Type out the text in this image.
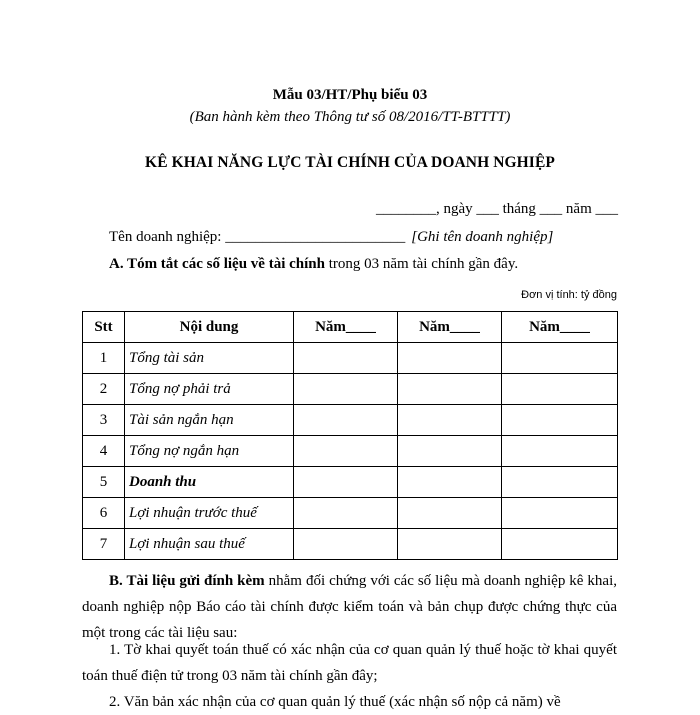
Mẫu 03/HT/Phụ biểu 03
(Ban hành kèm theo Thông tư số 08/2016/TT-BTTTT)
KÊ KHAI NĂNG LỰC TÀI CHÍNH CỦA DOANH NGHIỆP
________, ngày ___ tháng ___ năm ___
Tên doanh nghiệp: ________________________ [Ghi tên doanh nghiệp]
A. Tóm tắt các số liệu về tài chính trong 03 năm tài chính gần đây.
Đơn vị tính: tỷ đồng
Stt	Nội dung	Năm____	Năm____	Năm____
1	Tổng tài sản			
2	Tổng nợ phải trả			
3	Tài sản ngắn hạn			
4	Tổng nợ ngắn hạn			
5	Doanh thu			
6	Lợi nhuận trước thuế			
7	Lợi nhuận sau thuế			
B. Tài liệu gửi đính kèm nhằm đối chứng với các số liệu mà doanh nghiệp kê khai, doanh nghiệp nộp Báo cáo tài chính được kiểm toán và bản chụp được chứng thực của một trong các tài liệu sau:
1. Tờ khai quyết toán thuế có xác nhận của cơ quan quản lý thuế hoặc tờ khai quyết toán thuế điện tử trong 03 năm tài chính gần đây;
2. Văn bản xác nhận của cơ quan quản lý thuế (xác nhận số nộp cả năm) về
